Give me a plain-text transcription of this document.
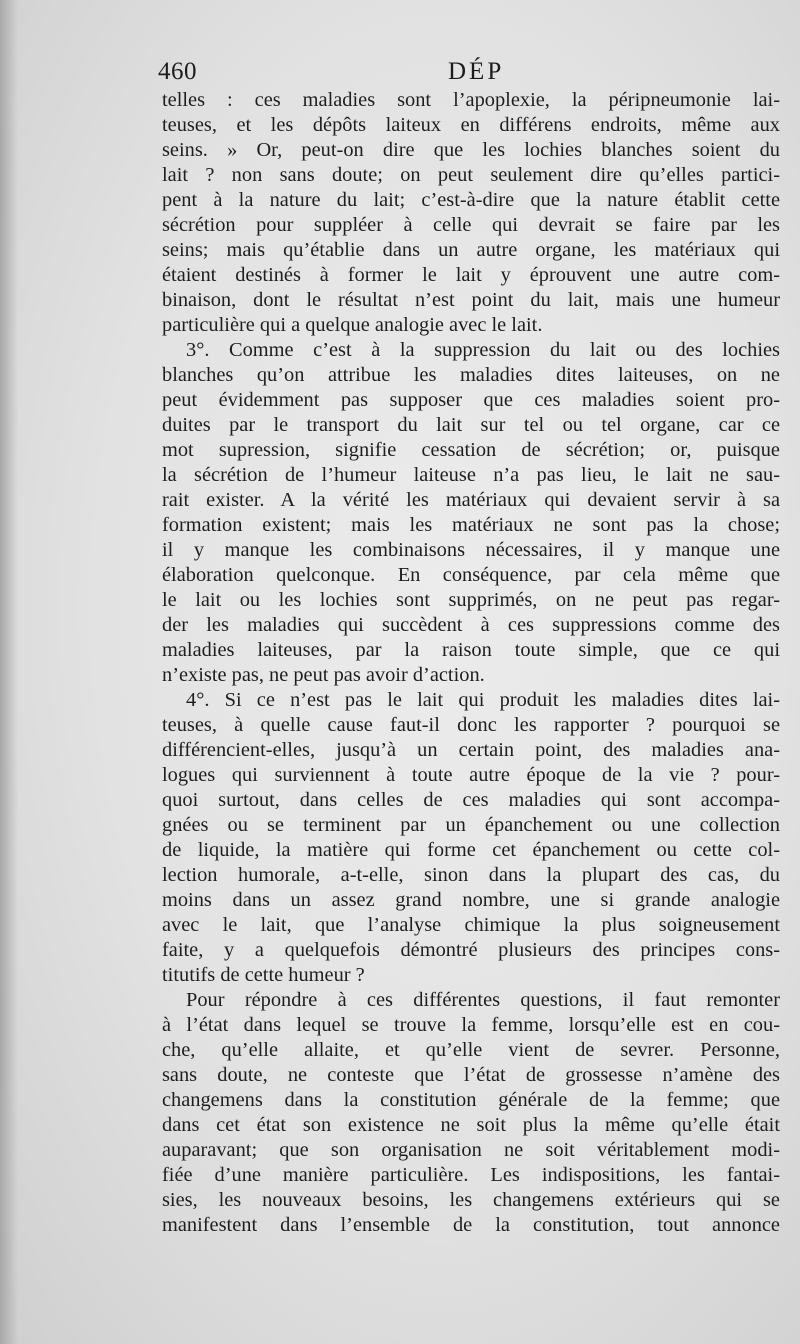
460	DÉP
telles : ces maladies sont l’apoplexie, la péripneumonie lai-
teuses, et les dépôts laiteux en différens endroits, même aux
seins. » Or, peut-on dire que les lochies blanches soient du
lait ? non sans doute; on peut seulement dire qu’elles partici-
pent à la nature du lait; c’est-à-dire que la nature établit cette
sécrétion pour suppléer à celle qui devrait se faire par les
seins; mais qu’établie dans un autre organe, les matériaux qui
étaient destinés à former le lait y éprouvent une autre com-
binaison, dont le résultat n’est point du lait, mais une humeur
particulière qui a quelque analogie avec le lait.
3°. Comme c’est à la suppression du lait ou des lochies
blanches qu’on attribue les maladies dites laiteuses, on ne
peut évidemment pas supposer que ces maladies soient pro-
duites par le transport du lait sur tel ou tel organe, car ce
mot supression, signifie cessation de sécrétion; or, puisque
la sécrétion de l’humeur laiteuse n’a pas lieu, le lait ne sau-
rait exister. A la vérité les matériaux qui devaient servir à sa
formation existent; mais les matériaux ne sont pas la chose;
il y manque les combinaisons nécessaires, il y manque une
élaboration quelconque. En conséquence, par cela même que
le lait ou les lochies sont supprimés, on ne peut pas regar-
der les maladies qui succèdent à ces suppressions comme des
maladies laiteuses, par la raison toute simple, que ce qui
n’existe pas, ne peut pas avoir d’action.
4°. Si ce n’est pas le lait qui produit les maladies dites lai-
teuses, à quelle cause faut-il donc les rapporter ? pourquoi se
différencient-elles, jusqu’à un certain point, des maladies ana-
logues qui surviennent à toute autre époque de la vie ? pour-
quoi surtout, dans celles de ces maladies qui sont accompa-
gnées ou se terminent par un épanchement ou une collection
de liquide, la matière qui forme cet épanchement ou cette col-
lection humorale, a-t-elle, sinon dans la plupart des cas, du
moins dans un assez grand nombre, une si grande analogie
avec le lait, que l’analyse chimique la plus soigneusement
faite, y a quelquefois démontré plusieurs des principes cons-
titutifs de cette humeur ?
Pour répondre à ces différentes questions, il faut remonter
à l’état dans lequel se trouve la femme, lorsqu’elle est en cou-
che, qu’elle allaite, et qu’elle vient de sevrer. Personne,
sans doute, ne conteste que l’état de grossesse n’amène des
changemens dans la constitution générale de la femme; que
dans cet état son existence ne soit plus la même qu’elle était
auparavant; que son organisation ne soit véritablement modi-
fiée d’une manière particulière. Les indispositions, les fantai-
sies, les nouveaux besoins, les changemens extérieurs qui se
manifestent dans l’ensemble de la constitution, tout annonce
